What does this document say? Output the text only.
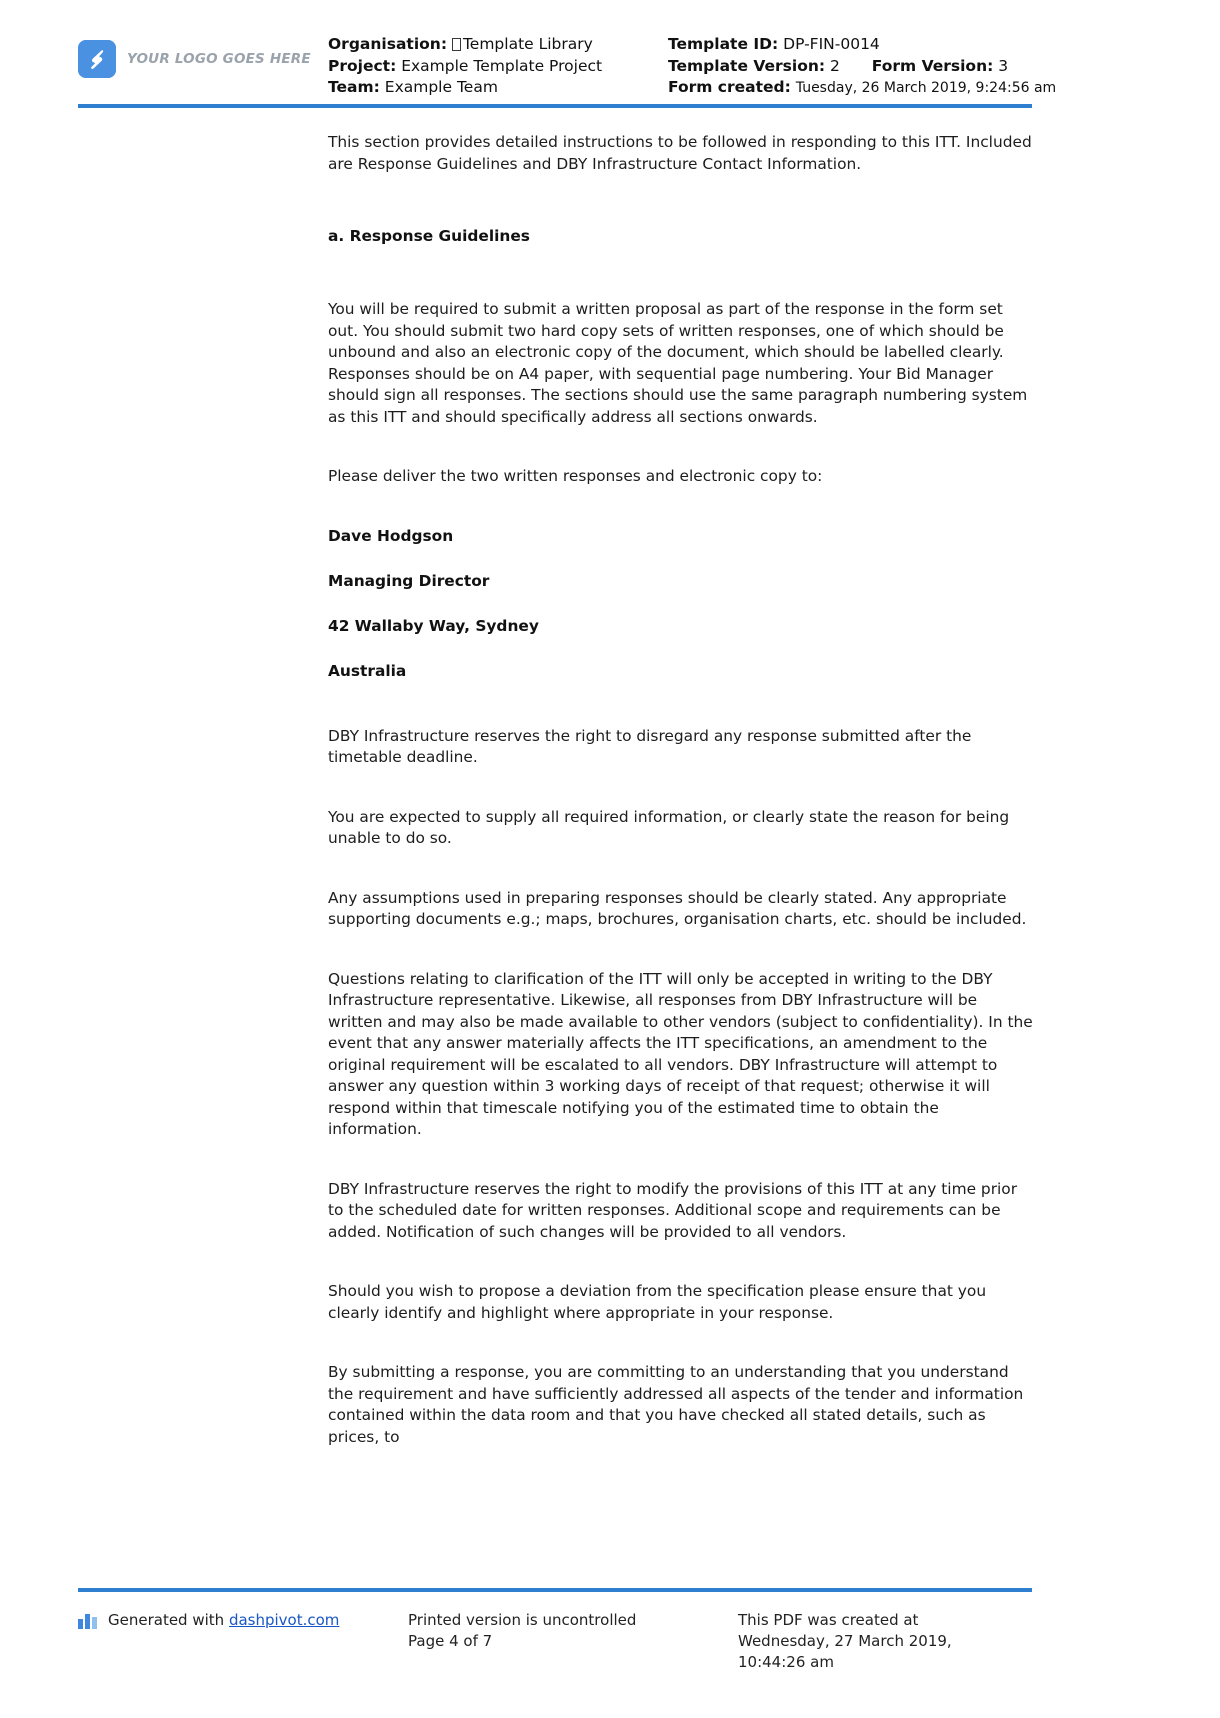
YOUR LOGO GOES HERE
Organisation: Template Library
Project: Example Template Project
Team: Example Team
Template ID: DP-FIN-0014
Template Version: 2 Form Version: 3
Form created: Tuesday, 26 March 2019, 9:24:56 am

This section provides detailed instructions to be followed in responding to this ITT. Included are Response Guidelines and DBY Infrastructure Contact Information.

a. Response Guidelines

You will be required to submit a written proposal as part of the response in the form set out. You should submit two hard copy sets of written responses, one of which should be unbound and also an electronic copy of the document, which should be labelled clearly. Responses should be on A4 paper, with sequential page numbering. Your Bid Manager should sign all responses. The sections should use the same paragraph numbering system as this ITT and should specifically address all sections onwards.

Please deliver the two written responses and electronic copy to:

Dave Hodgson
Managing Director
42 Wallaby Way, Sydney
Australia

DBY Infrastructure reserves the right to disregard any response submitted after the timetable deadline.

You are expected to supply all required information, or clearly state the reason for being unable to do so.

Any assumptions used in preparing responses should be clearly stated. Any appropriate supporting documents e.g.; maps, brochures, organisation charts, etc. should be included.

Questions relating to clarification of the ITT will only be accepted in writing to the DBY Infrastructure representative. Likewise, all responses from DBY Infrastructure will be written and may also be made available to other vendors (subject to confidentiality). In the event that any answer materially affects the ITT specifications, an amendment to the original requirement will be escalated to all vendors. DBY Infrastructure will attempt to answer any question within 3 working days of receipt of that request; otherwise it will respond within that timescale notifying you of the estimated time to obtain the information.

DBY Infrastructure reserves the right to modify the provisions of this ITT at any time prior to the scheduled date for written responses. Additional scope and requirements can be added. Notification of such changes will be provided to all vendors.

Should you wish to propose a deviation from the specification please ensure that you clearly identify and highlight where appropriate in your response.

By submitting a response, you are committing to an understanding that you understand the requirement and have sufficiently addressed all aspects of the tender and information contained within the data room and that you have checked all stated details, such as prices, to

Generated with dashpivot.com	Printed version is uncontrolled
Page 4 of 7
This PDF was created at
Wednesday, 27 March 2019,
10:44:26 am
